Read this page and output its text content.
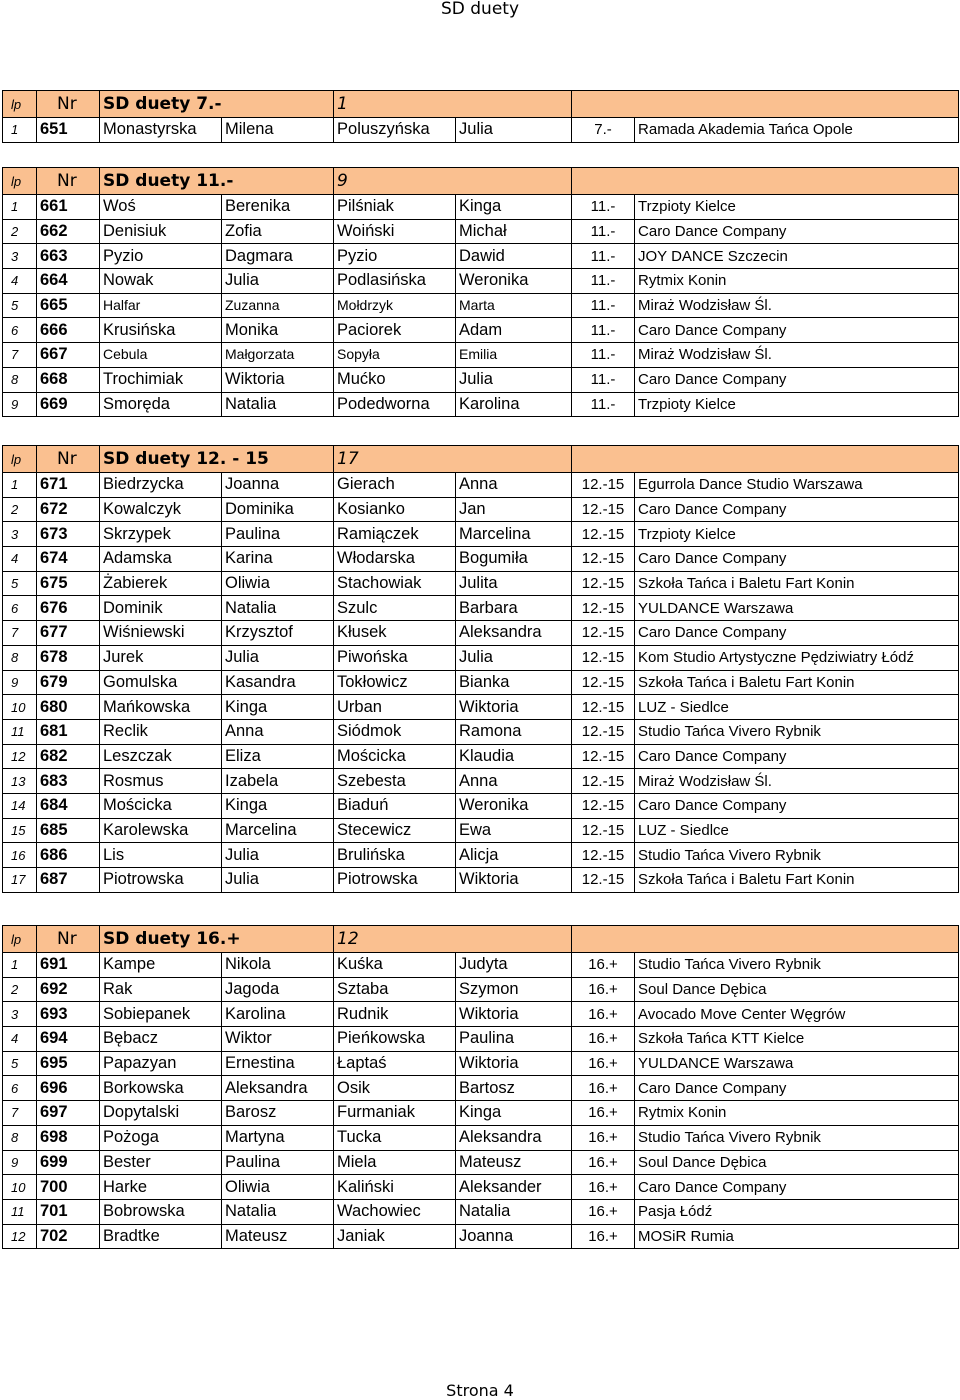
SD duety
lp	Nr	SD duety 7.-		1			
1	651	Monastyrska	Milena	Poluszyńska	Julia	7.-	Ramada Akademia Tańca Opole
lp	Nr	SD duety 11.-		9			
1	661	Woś	Berenika	Pilśniak	Kinga	11.-	Trzpioty Kielce
2	662	Denisiuk	Zofia	Woiński	Michał	11.-	Caro Dance Company
3	663	Pyzio	Dagmara	Pyzio	Dawid	11.-	JOY DANCE Szczecin
4	664	Nowak	Julia	Podlasińska	Weronika	11.-	Rytmix Konin
5	665	Halfar	Zuzanna	Mołdrzyk	Marta	11.-	Miraż Wodzisław Śl.
6	666	Krusińska	Monika	Paciorek	Adam	11.-	Caro Dance Company
7	667	Cebula	Małgorzata	Sopyła	Emilia	11.-	Miraż Wodzisław Śl.
8	668	Trochimiak	Wiktoria	Mućko	Julia	11.-	Caro Dance Company
9	669	Smoręda	Natalia	Podedworna	Karolina	11.-	Trzpioty Kielce
lp	Nr	SD duety 12. - 15		17			
1	671	Biedrzycka	Joanna	Gierach	Anna	12.-15	Egurrola Dance Studio Warszawa
2	672	Kowalczyk	Dominika	Kosianko	Jan	12.-15	Caro Dance Company
3	673	Skrzypek	Paulina	Ramiączek	Marcelina	12.-15	Trzpioty Kielce
4	674	Adamska	Karina	Włodarska	Bogumiła	12.-15	Caro Dance Company
5	675	Żabierek	Oliwia	Stachowiak	Julita	12.-15	Szkoła Tańca i Baletu Fart Konin
6	676	Dominik	Natalia	Szulc	Barbara	12.-15	YULDANCE Warszawa
7	677	Wiśniewski	Krzysztof	Kłusek	Aleksandra	12.-15	Caro Dance Company
8	678	Jurek	Julia	Piwońska	Julia	12.-15	Kom Studio Artystyczne Pędziwiatry Łódź
9	679	Gomulska	Kasandra	Tokłowicz	Bianka	12.-15	Szkoła Tańca i Baletu Fart Konin
10	680	Mańkowska	Kinga	Urban	Wiktoria	12.-15	LUZ - Siedlce
11	681	Reclik	Anna	Siódmok	Ramona	12.-15	Studio Tańca Vivero Rybnik
12	682	Leszczak	Eliza	Mościcka	Klaudia	12.-15	Caro Dance Company
13	683	Rosmus	Izabela	Szebesta	Anna	12.-15	Miraż Wodzisław Śl.
14	684	Mościcka	Kinga	Biaduń	Weronika	12.-15	Caro Dance Company
15	685	Karolewska	Marcelina	Stecewicz	Ewa	12.-15	LUZ - Siedlce
16	686	Lis	Julia	Brulińska	Alicja	12.-15	Studio Tańca Vivero Rybnik
17	687	Piotrowska	Julia	Piotrowska	Wiktoria	12.-15	Szkoła Tańca i Baletu Fart Konin
lp	Nr	SD duety 16.+		12			
1	691	Kampe	Nikola	Kuśka	Judyta	16.+	Studio Tańca Vivero Rybnik
2	692	Rak	Jagoda	Sztaba	Szymon	16.+	Soul Dance Dębica
3	693	Sobiepanek	Karolina	Rudnik	Wiktoria	16.+	Avocado Move Center Węgrów
4	694	Bębacz	Wiktor	Pieńkowska	Paulina	16.+	Szkoła Tańca KTT Kielce
5	695	Papazyan	Ernestina	Łaptaś	Wiktoria	16.+	YULDANCE Warszawa
6	696	Borkowska	Aleksandra	Osik	Bartosz	16.+	Caro Dance Company
7	697	Dopytalski	Barosz	Furmaniak	Kinga	16.+	Rytmix Konin
8	698	Pożoga	Martyna	Tucka	Aleksandra	16.+	Studio Tańca Vivero Rybnik
9	699	Bester	Paulina	Miela	Mateusz	16.+	Soul Dance Dębica
10	700	Harke	Oliwia	Kaliński	Aleksander	16.+	Caro Dance Company
11	701	Bobrowska	Natalia	Wachowiec	Natalia	16.+	Pasja Łódź
12	702	Bradtke	Mateusz	Janiak	Joanna	16.+	MOSiR Rumia
Strona 4
